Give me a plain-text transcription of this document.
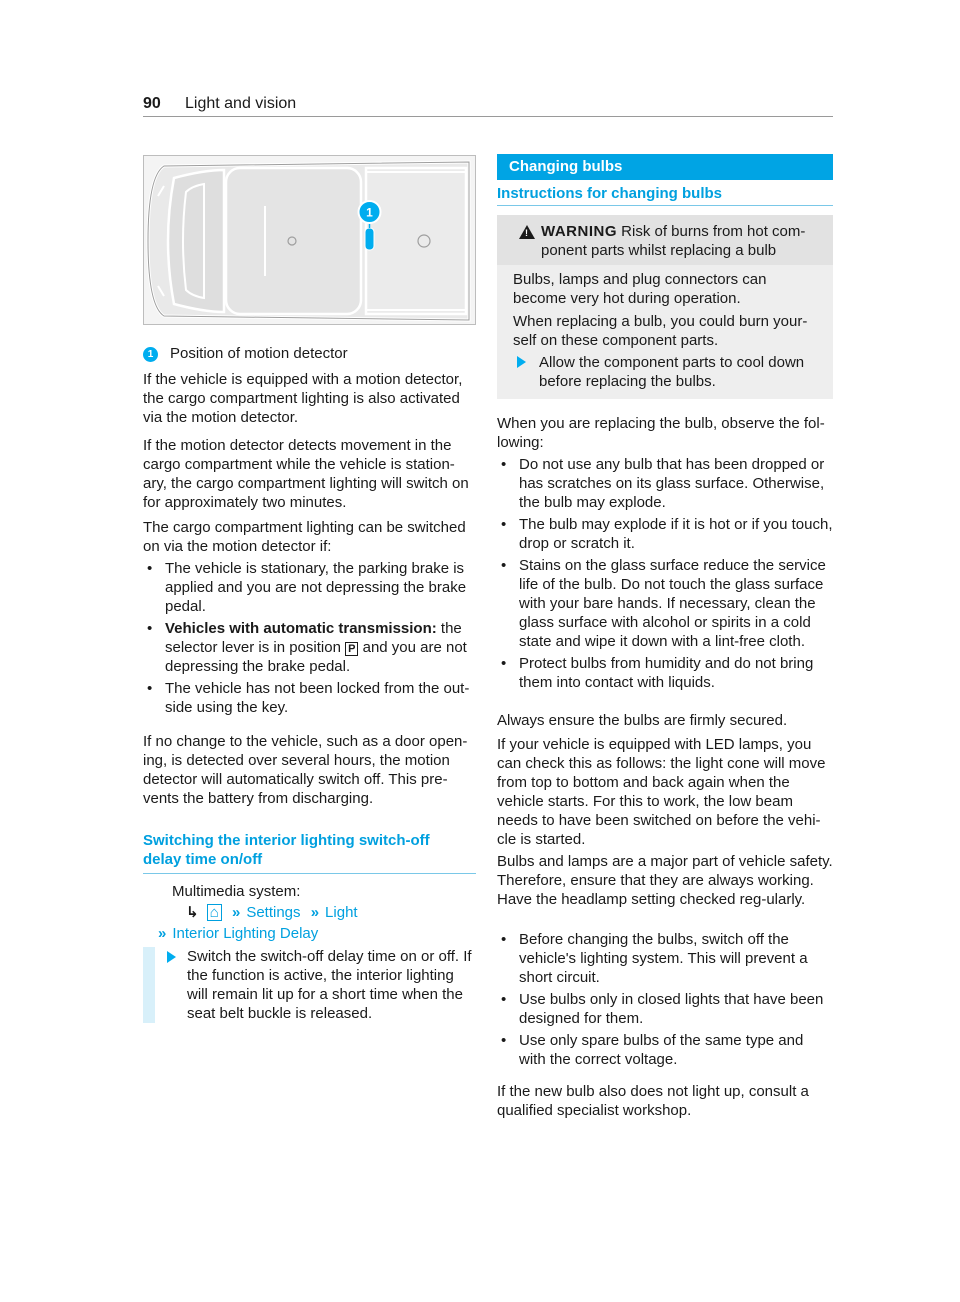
90 Light and vision
1
1 Position of motion detector

If the vehicle is equipped with a motion detector, the cargo compartment lighting is also activated via the motion detector.

If the motion detector detects movement in the cargo compartment while the vehicle is station-ary, the cargo compartment lighting will switch on for approximately two minutes.

The cargo compartment lighting can be switched on via the motion detector if:

• The vehicle is stationary, the parking brake is applied and you are not depressing the brake pedal.
• Vehicles with automatic transmission: the selector lever is in position P and you are not depressing the brake pedal.
• The vehicle has not been locked from the out-side using the key.

If no change to the vehicle, such as a door open-ing, is detected over several hours, the motion detector will automatically switch off. This pre-vents the battery from discharging.

Switching the interior lighting switch-off delay time on/off
Multimedia system:
↳ ⌂ » Settings » Light
» Interior Lighting Delay
Switch the switch-off delay time on or off. If the function is active, the interior lighting will remain lit up for a short time when the seat belt buckle is released.
Changing bulbs
Instructions for changing bulbs
! WARNING Risk of burns from hot com-ponent parts whilst replacing a bulb

Bulbs, lamps and plug connectors can become very hot during operation.

When replacing a bulb, you could burn your-self on these component parts.

Allow the component parts to cool down before replacing the bulbs.

When you are replacing the bulb, observe the fol-lowing:

• Do not use any bulb that has been dropped or has scratches on its glass surface. Otherwise, the bulb may explode.
• The bulb may explode if it is hot or if you touch, drop or scratch it.
• Stains on the glass surface reduce the service life of the bulb. Do not touch the glass surface with your bare hands. If necessary, clean the glass surface with alcohol or spirits in a cold state and wipe it down with a lint-free cloth.
• Protect bulbs from humidity and do not bring them into contact with liquids.

Always ensure the bulbs are firmly secured.

If your vehicle is equipped with LED lamps, you can check this as follows: the light cone will move from top to bottom and back again when the vehicle starts. For this to work, the low beam needs to have been switched on before the vehi-cle is started.

Bulbs and lamps are a major part of vehicle safety. Therefore, ensure that they are always working. Have the headlamp setting checked reg-ularly.

• Before changing the bulbs, switch off the vehicle's lighting system. This will prevent a short circuit.
• Use bulbs only in closed lights that have been designed for them.
• Use only spare bulbs of the same type and with the correct voltage.

If the new bulb also does not light up, consult a qualified specialist workshop.
